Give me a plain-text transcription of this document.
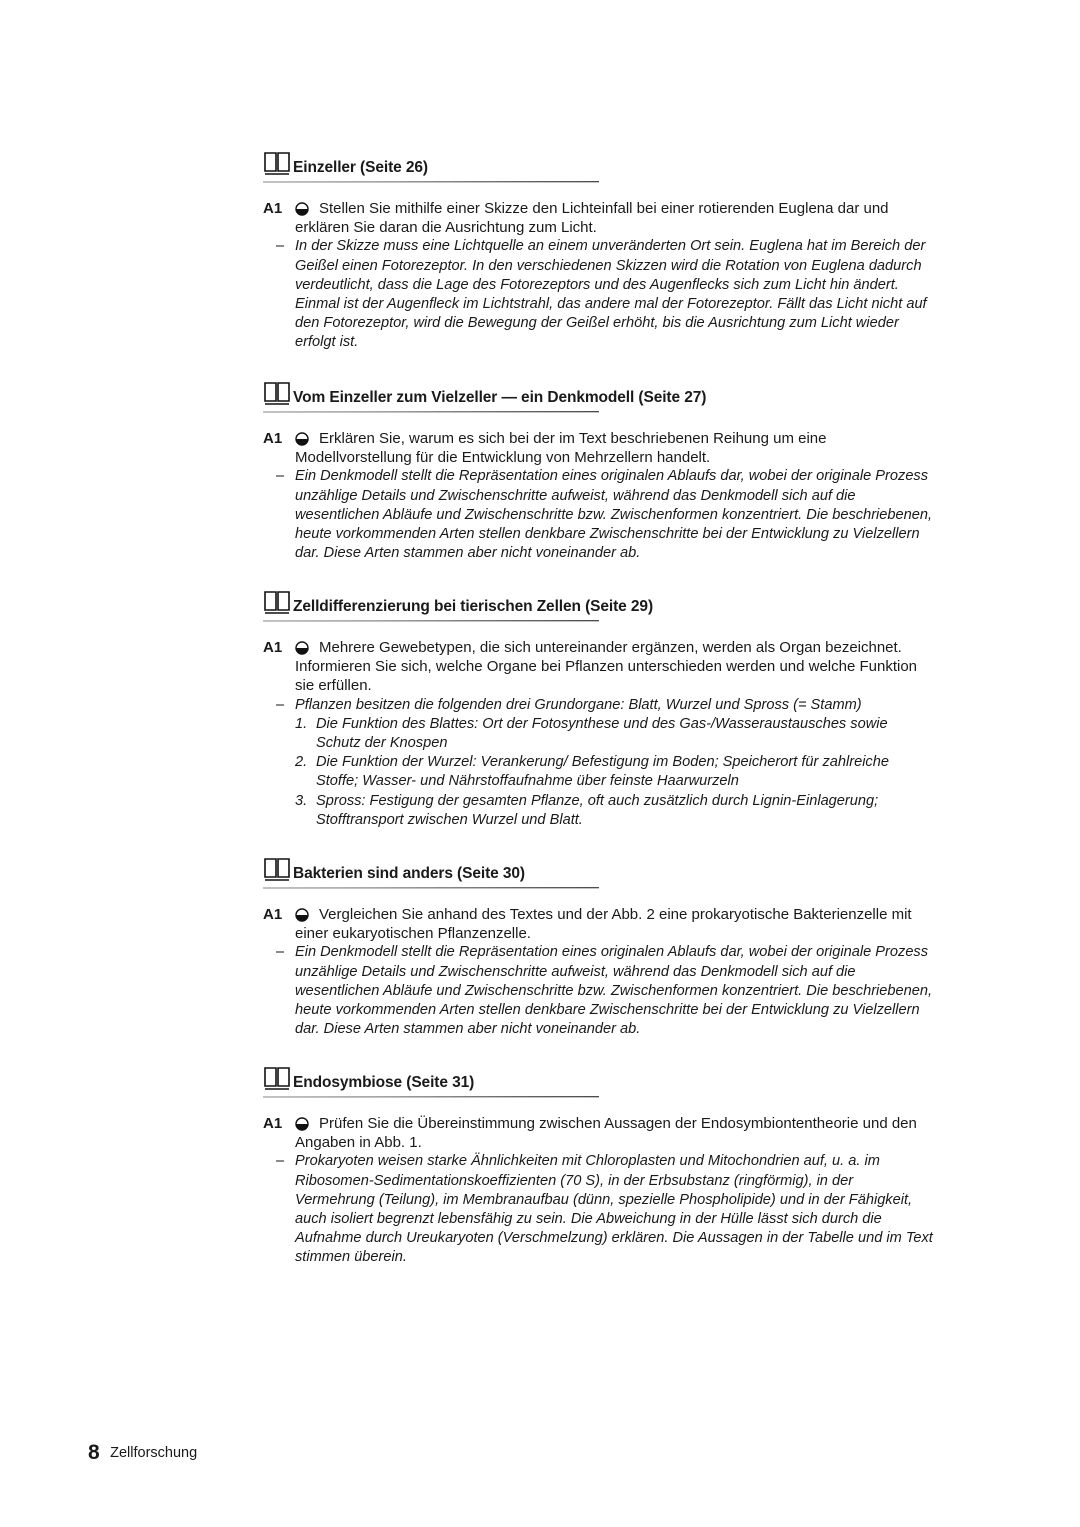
Einzeller (Seite 26)
A1	Stellen Sie mithilfe einer Skizze den Lichteinfall bei einer rotierenden Euglena dar und erklären Sie daran die Ausrichtung zum Licht.
– In der Skizze muss eine Lichtquelle an einem unveränderten Ort sein. Euglena hat im Bereich der Geißel einen Fotorezeptor. In den verschiedenen Skizzen wird die Rotation von Euglena dadurch verdeutlicht, dass die Lage des Fotorezeptors und des Augenflecks sich zum Licht hin ändert. Einmal ist der Augenfleck im Lichtstrahl, das andere mal der Fotorezeptor. Fällt das Licht nicht auf den Fotorezeptor, wird die Bewegung der Geißel erhöht, bis die Ausrichtung zum Licht wieder erfolgt ist.
Vom Einzeller zum Vielzeller — ein Denkmodell (Seite 27)
A1	Erklären Sie, warum es sich bei der im Text beschriebenen Reihung um eine Modellvorstellung für die Entwicklung von Mehrzellern handelt.
– Ein Denkmodell stellt die Repräsentation eines originalen Ablaufs dar, wobei der originale Prozess unzählige Details und Zwischenschritte aufweist, während das Denkmodell sich auf die wesentlichen Abläufe und Zwischenschritte bzw. Zwischenformen konzentriert. Die beschriebenen, heute vorkommenden Arten stellen denkbare Zwischenschritte bei der Entwicklung zu Vielzellern dar. Diese Arten stammen aber nicht voneinander ab.
Zelldifferenzierung bei tierischen Zellen (Seite 29)
A1	Mehrere Gewebetypen, die sich untereinander ergänzen, werden als Organ bezeichnet. Informieren Sie sich, welche Organe bei Pflanzen unterschieden werden und welche Funktion sie erfüllen.
– Pflanzen besitzen die folgenden drei Grundorgane: Blatt, Wurzel und Spross (= Stamm)
1. Die Funktion des Blattes: Ort der Fotosynthese und des Gas-/Wasseraustausches sowie Schutz der Knospen
2. Die Funktion der Wurzel: Verankerung/ Befestigung im Boden; Speicherort für zahlreiche Stoffe; Wasser- und Nährstoffaufnahme über feinste Haarwurzeln
3. Spross: Festigung der gesamten Pflanze, oft auch zusätzlich durch Lignin-Einlagerung; Stofftransport zwischen Wurzel und Blatt.
Bakterien sind anders (Seite 30)
A1	Vergleichen Sie anhand des Textes und der Abb. 2 eine prokaryotische Bakterienzelle mit einer eukaryotischen Pflanzenzelle.
– Ein Denkmodell stellt die Repräsentation eines originalen Ablaufs dar, wobei der originale Prozess unzählige Details und Zwischenschritte aufweist, während das Denkmodell sich auf die wesentlichen Abläufe und Zwischenschritte bzw. Zwischenformen konzentriert. Die beschriebenen, heute vorkommenden Arten stellen denkbare Zwischenschritte bei der Entwicklung zu Vielzellern dar. Diese Arten stammen aber nicht voneinander ab.
Endosymbiose (Seite 31)
A1	Prüfen Sie die Übereinstimmung zwischen Aussagen der Endosymbiontentheorie und den Angaben in Abb. 1.
– Prokaryoten weisen starke Ähnlichkeiten mit Chloroplasten und Mitochondrien auf, u. a. im Ribosomen-Sedimentationskoeffizienten (70 S), in der Erbsubstanz (ringförmig), in der Vermehrung (Teilung), im Membranaufbau (dünn, spezielle Phospholipide) und in der Fähigkeit, auch isoliert begrenzt lebensfähig zu sein. Die Abweichung in der Hülle lässt sich durch die Aufnahme durch Ureukaryoten (Verschmelzung) erklären. Die Aussagen in der Tabelle und im Text stimmen überein.
8 Zellforschung
